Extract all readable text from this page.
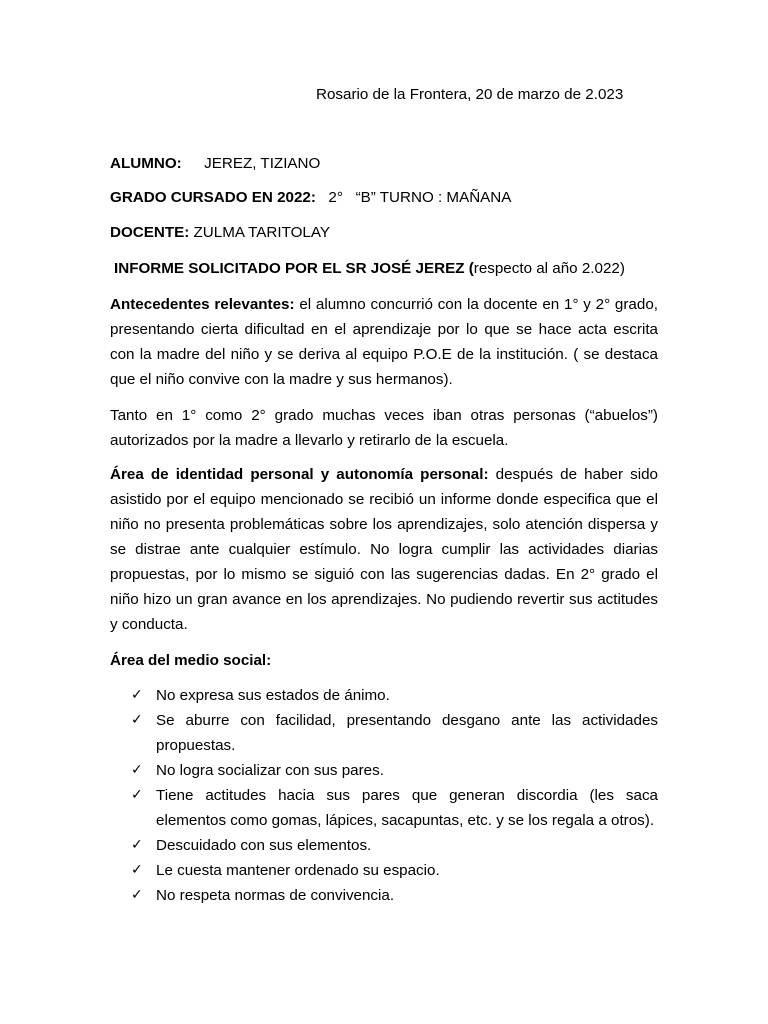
Rosario de la Frontera, 20 de marzo de 2.023
ALUMNO: JEREZ, TIZIANO
GRADO CURSADO EN 2022: 2°   “B” TURNO : MAÑANA
DOCENTE: ZULMA TARITOLAY
INFORME SOLICITADO POR EL SR JOSÉ JEREZ (respecto al año 2.022)

Antecedentes relevantes: el alumno concurrió con la docente en 1° y 2° grado, presentando cierta dificultad en el aprendizaje por lo que se hace acta escrita con la madre del niño y se deriva al equipo P.O.E de la institución. ( se destaca que el niño convive con la madre y sus hermanos).

Tanto en 1° como 2° grado muchas veces iban otras personas (“abuelos”) autorizados por la madre a llevarlo y retirarlo de la escuela.

Área de identidad personal y autonomía personal: después de haber sido asistido por el equipo mencionado se recibió un informe donde especifica que el niño no presenta problemáticas sobre los aprendizajes, solo atención dispersa y se distrae ante cualquier estímulo. No logra cumplir las actividades diarias propuestas, por lo mismo se siguió con las sugerencias dadas. En 2° grado el niño hizo un gran avance en los aprendizajes. No pudiendo revertir sus actitudes y conducta.

Área del medio social:
✓ No expresa sus estados de ánimo.
✓ Se aburre con facilidad, presentando desgano ante las actividades propuestas.
✓ No logra socializar con sus pares.
✓ Tiene actitudes hacia sus pares que generan discordia (les saca elementos como gomas, lápices, sacapuntas, etc. y se los regala a otros).
✓ Descuidado con sus elementos.
✓ Le cuesta mantener ordenado su espacio.
✓ No respeta normas de convivencia.
